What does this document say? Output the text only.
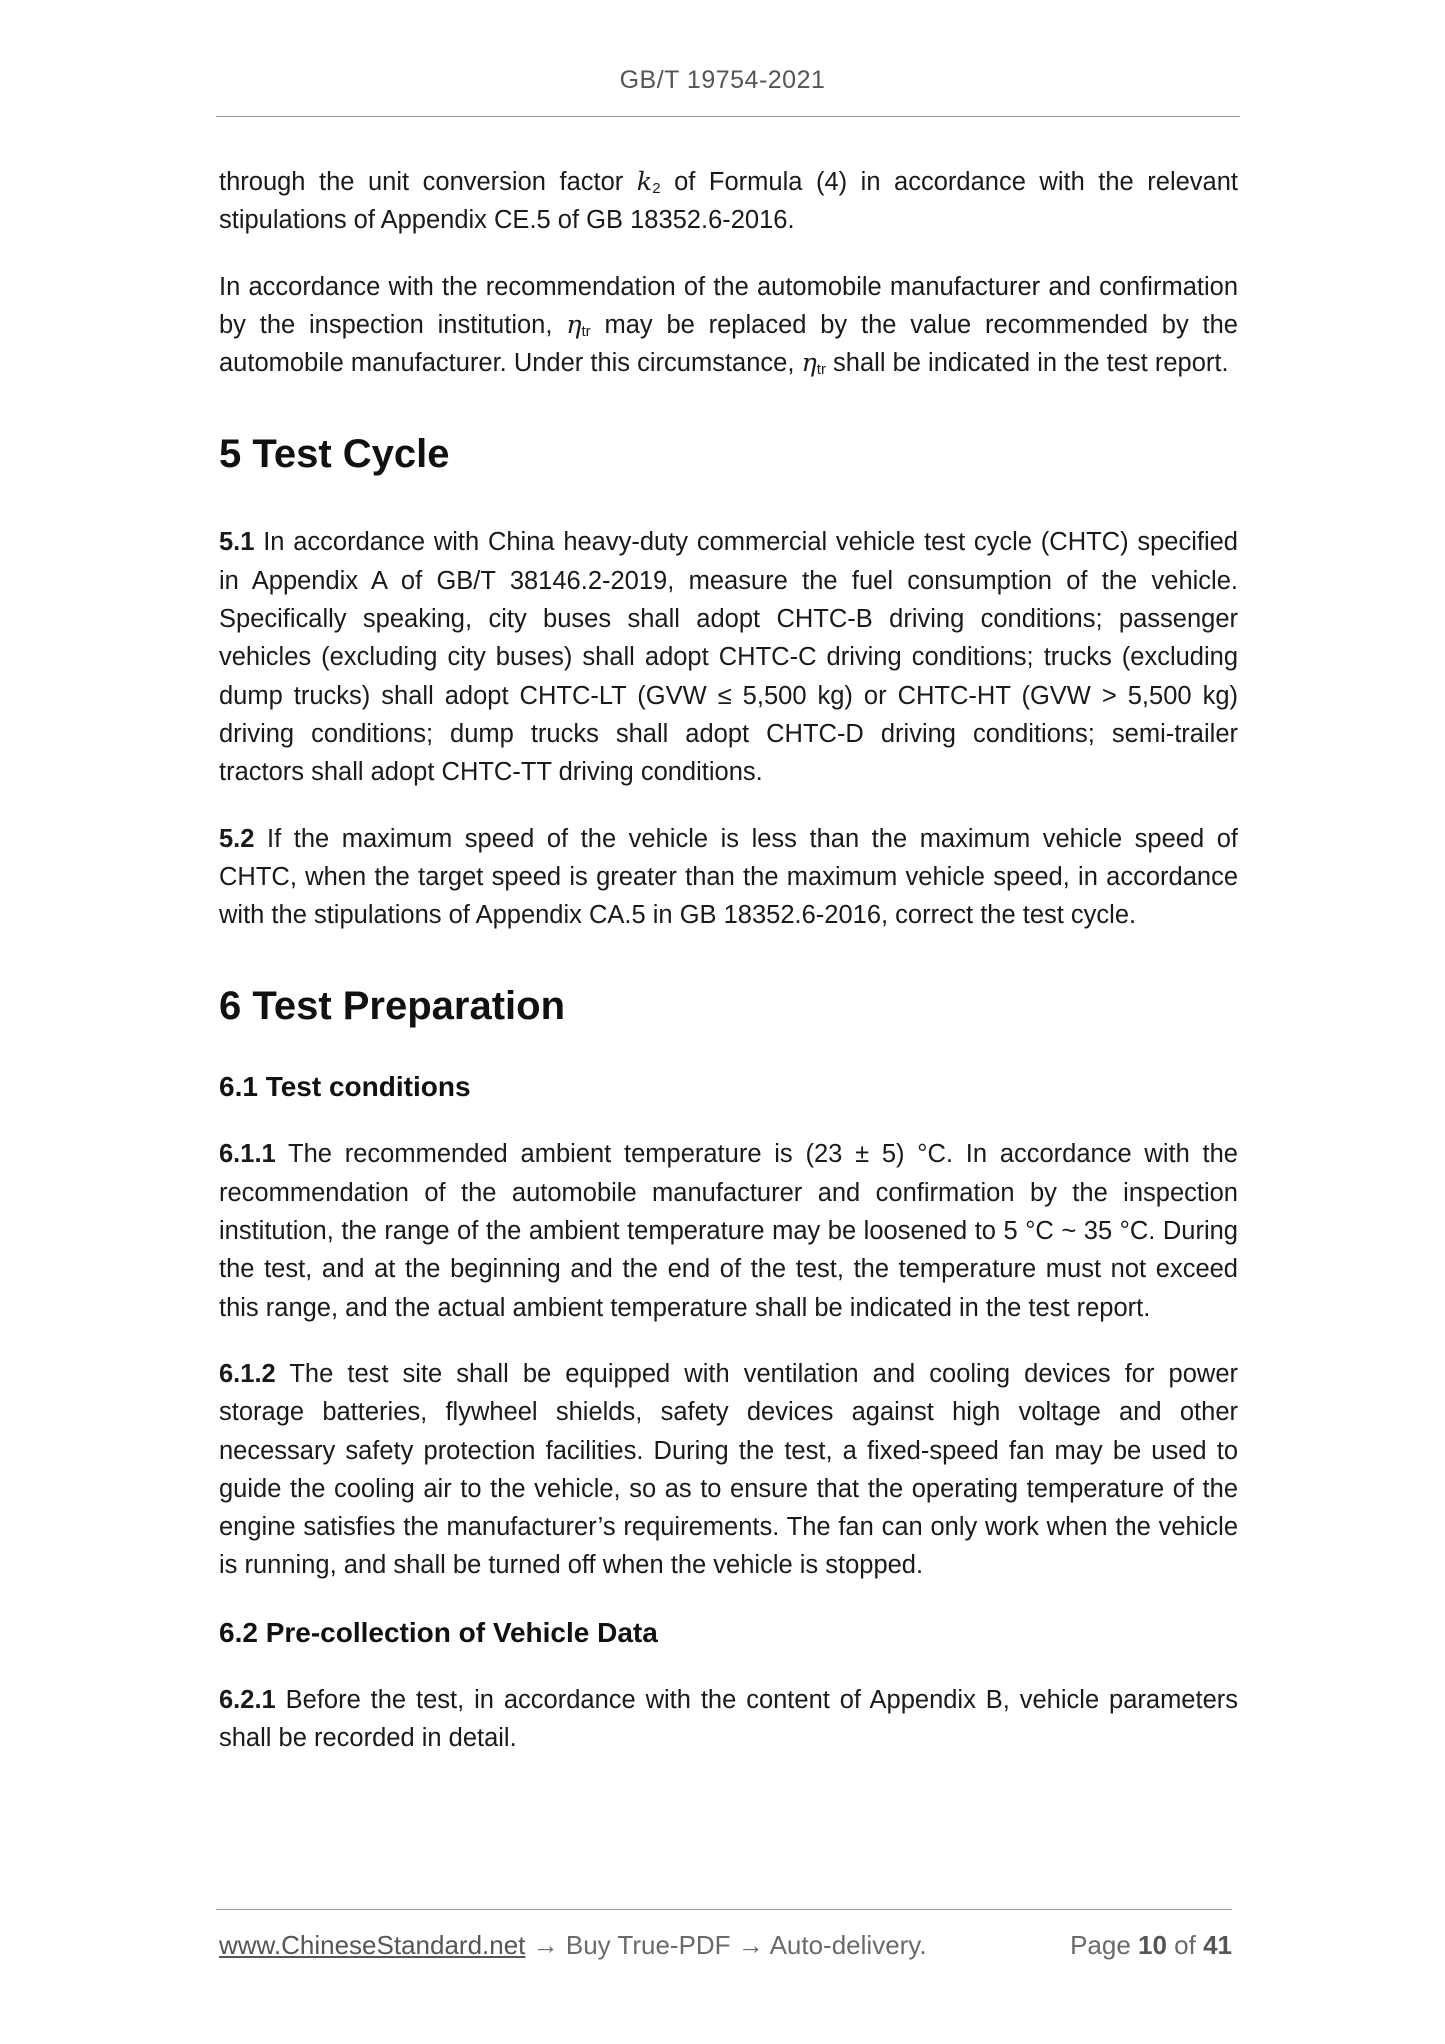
GB/T 19754-2021

through the unit conversion factor $k_2$ of Formula (4) in accordance with the relevant stipulations of Appendix CE.5 of GB 18352.6-2016.

In accordance with the recommendation of the automobile manufacturer and confirmation by the inspection institution, $\eta_{tr}$ may be replaced by the value recommended by the automobile manufacturer. Under this circumstance, $\eta_{tr}$ shall be indicated in the test report.

5 Test Cycle

5.1 In accordance with China heavy-duty commercial vehicle test cycle (CHTC) specified in Appendix A of GB/T 38146.2-2019, measure the fuel consumption of the vehicle. Specifically speaking, city buses shall adopt CHTC-B driving conditions; passenger vehicles (excluding city buses) shall adopt CHTC-C driving conditions; trucks (excluding dump trucks) shall adopt CHTC-LT (GVW ≤ 5,500 kg) or CHTC-HT (GVW > 5,500 kg) driving conditions; dump trucks shall adopt CHTC-D driving conditions; semi-trailer tractors shall adopt CHTC-TT driving conditions.

5.2 If the maximum speed of the vehicle is less than the maximum vehicle speed of CHTC, when the target speed is greater than the maximum vehicle speed, in accordance with the stipulations of Appendix CA.5 in GB 18352.6-2016, correct the test cycle.

6 Test Preparation
6.1 Test conditions

6.1.1 The recommended ambient temperature is (23 ± 5) °C. In accordance with the recommendation of the automobile manufacturer and confirmation by the inspection institution, the range of the ambient temperature may be loosened to 5 °C ~ 35 °C. During the test, and at the beginning and the end of the test, the temperature must not exceed this range, and the actual ambient temperature shall be indicated in the test report.

6.1.2 The test site shall be equipped with ventilation and cooling devices for power storage batteries, flywheel shields, safety devices against high voltage and other necessary safety protection facilities. During the test, a fixed-speed fan may be used to guide the cooling air to the vehicle, so as to ensure that the operating temperature of the engine satisfies the manufacturer’s requirements. The fan can only work when the vehicle is running, and shall be turned off when the vehicle is stopped.

6.2 Pre-collection of Vehicle Data

6.2.1 Before the test, in accordance with the content of Appendix B, vehicle parameters shall be recorded in detail.

www.ChineseStandard.net → Buy True-PDF → Auto-delivery.	Page 10 of 41
